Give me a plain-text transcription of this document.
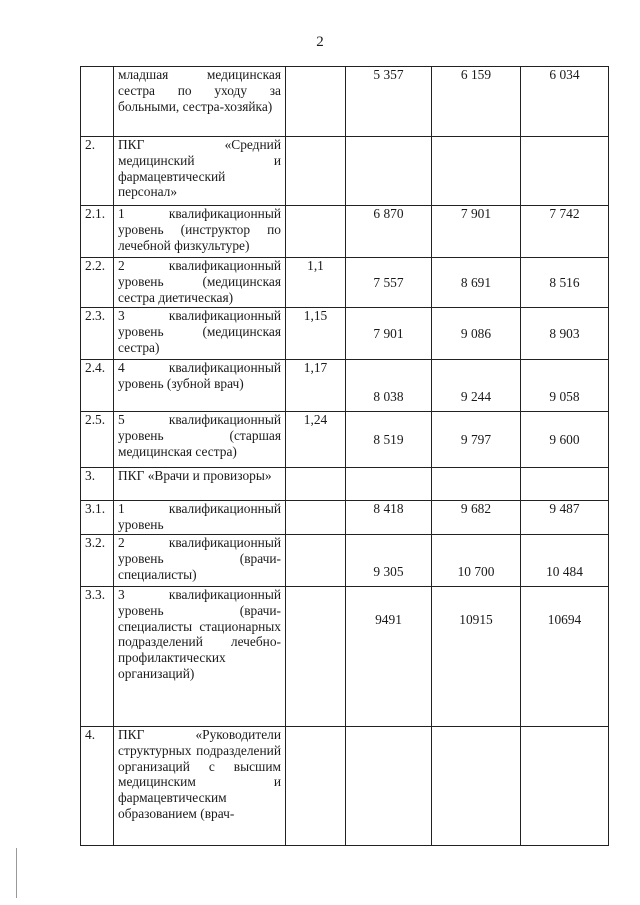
2
	младшая медицинская сестра по уходу за больными, сестра-хозяйка)		5 357	6 159	6 034
2.	ПКГ «Средний медицинский и фармацевтический персонал»				
2.1.	1 квалификационный уровень (инструктор по лечебной физкультуре)		6 870	7 901	7 742
2.2.	2 квалификационный уровень (медицинская сестра диетическая)	1,1	7 557	8 691	8 516
2.3.	3 квалификационный уровень (медицинская сестра)	1,15	7 901	9 086	8 903
2.4.	4 квалификационный уровень (зубной врач)	1,17	8 038	9 244	9 058
2.5.	5 квалификационный уровень (старшая медицинская сестра)	1,24	8 519	9 797	9 600
3.	ПКГ «Врачи и провизоры»				
3.1.	1 квалификационный уровень		8 418	9 682	9 487
3.2.	2 квалификационный уровень (врачи-специалисты)		9 305	10 700	10 484
3.3.	3 квалификационный уровень (врачи-специалисты стационарных подразделений лечебно-профилактических организаций)		9491	10915	10694
4.	ПКГ «Руководители структурных подразделений организаций с высшим медицинским и фармацевтическим образованием (врач-				
